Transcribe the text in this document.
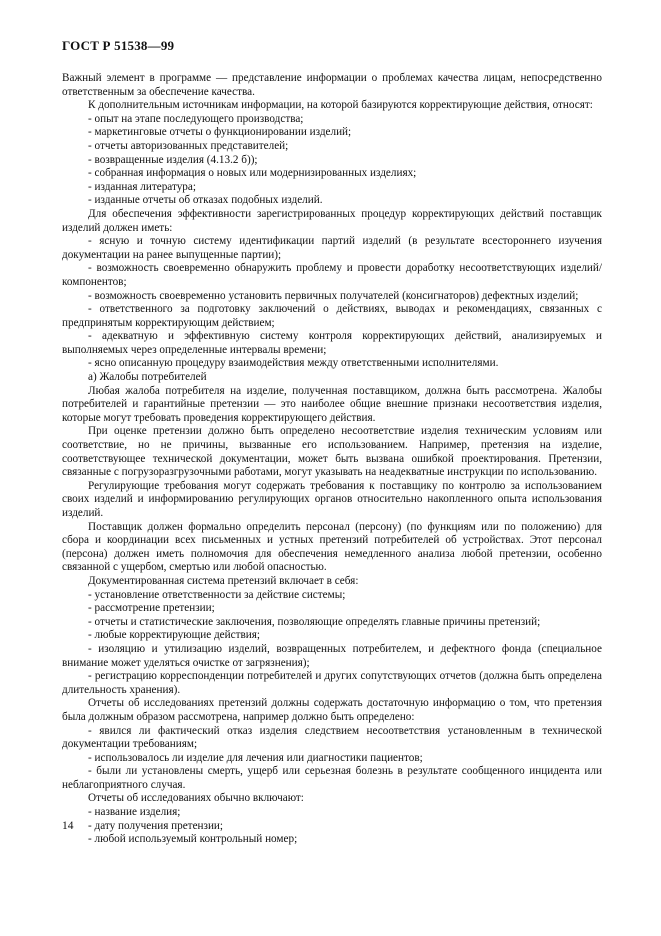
ГОСТ Р 51538—99

Важный элемент в программе — представление информации о проблемах качества лицам, непосредственно ответственным за обеспечение качества.

К дополнительным источникам информации, на которой базируются корректирующие действия, относят:

- опыт на этапе последующего производства;

- маркетинговые отчеты о функционировании изделий;

- отчеты авторизованных представителей;

- возвращенные изделия (4.13.2 б));

- собранная информация о новых или модернизированных изделиях;

- изданная литература;

- изданные отчеты об отказах подобных изделий.

Для обеспечения эффективности зарегистрированных процедур корректирующих действий поставщик изделий должен иметь:

- ясную и точную систему идентификации партий изделий (в результате всестороннего изучения документации на ранее выпущенные партии);

- возможность своевременно обнаружить проблему и провести доработку несоответствующих изделий/компонентов;

- возможность своевременно установить первичных получателей (консигнаторов) дефектных изделий;

- ответственного за подготовку заключений о действиях, выводах и рекомендациях, связанных с предпринятым корректирующим действием;

- адекватную и эффективную систему контроля корректирующих действий, анализируемых и выполняемых через определенные интервалы времени;

- ясно описанную процедуру взаимодействия между ответственными исполнителями.

а) Жалобы потребителей

Любая жалоба потребителя на изделие, полученная поставщиком, должна быть рассмотрена. Жалобы потребителей и гарантийные претензии — это наиболее общие внешние признаки несоответствия изделия, которые могут требовать проведения корректирующего действия.

При оценке претензии должно быть определено несоответствие изделия техническим условиям или соответствие, но не причины, вызванные его использованием. Например, претензия на изделие, соответствующее технической документации, может быть вызвана ошибкой проектирования. Претензии, связанные с погрузоразгрузочными работами, могут указывать на неадекватные инструкции по использованию.

Регулирующие требования могут содержать требования к поставщику по контролю за использованием своих изделий и информированию регулирующих органов относительно накопленного опыта использования изделий.

Поставщик должен формально определить персонал (персону) (по функциям или по положению) для сбора и координации всех письменных и устных претензий потребителей об устройствах. Этот персонал (персона) должен иметь полномочия для обеспечения немедленного анализа любой претензии, особенно связанной с ущербом, смертью или любой опасностью.

Документированная система претензий включает в себя:

- установление ответственности за действие системы;

- рассмотрение претензии;

- отчеты и статистические заключения, позволяющие определять главные причины претензий;

- любые корректирующие действия;

- изоляцию и утилизацию изделий, возвращенных потребителем, и дефектного фонда (специальное внимание может уделяться очистке от загрязнения);

- регистрацию корреспонденции потребителей и других сопутствующих отчетов (должна быть определена длительность хранения).

Отчеты об исследованиях претензий должны содержать достаточную информацию о том, что претензия была должным образом рассмотрена, например должно быть определено:

- явился ли фактический отказ изделия следствием несоответствия установленным в технической документации требованиям;

- использовалось ли изделие для лечения или диагностики пациентов;

- были ли установлены смерть, ущерб или серьезная болезнь в результате сообщенного инцидента или неблагоприятного случая.

Отчеты об исследованиях обычно включают:

- название изделия;

- дату получения претензии;

- любой используемый контрольный номер;

14
